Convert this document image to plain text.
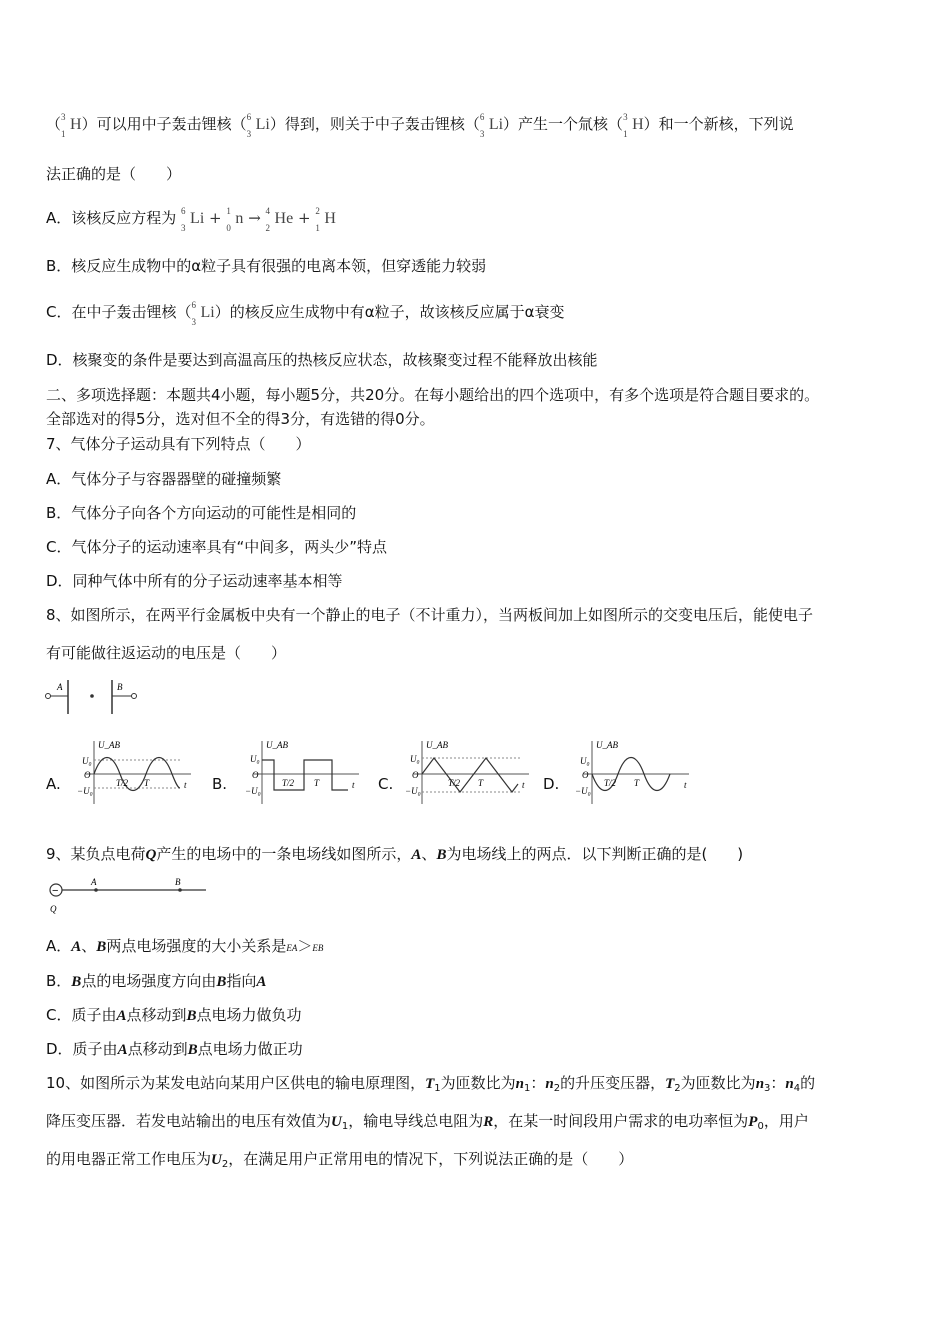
（ 3
1
H）可以用中子轰击锂核（ 6
3
Li）得到，则关于中子轰击锂核（ 6
3
Li）产生一个氚核（ 3
1
H）和一个新核，下列说
法正确的是（　　）
A．该核反应方程为 6
3
Li + 1
0
n → 4
2
He + 2
1
H
B．核反应生成物中的α粒子具有很强的电离本领，但穿透能力较弱
C．在中子轰击锂核（ 6
3
Li）的核反应生成物中有α粒子，故该核反应属于α衰变
D．核聚变的条件是要达到高温高压的热核反应状态，故核聚变过程不能释放出核能
二、多项选择题：本题共4小题，每小题5分，共20分。在每小题给出的四个选项中，有多个选项是符合题目要求的。
全部选对的得5分，选对但不全的得3分，有选错的得0分。
7、气体分子运动具有下列特点（　　）
A．气体分子与容器器壁的碰撞频繁
B．气体分子向各个方向运动的可能性是相同的
C．气体分子的运动速率具有“中间多，两头少”特点
D．同种气体中所有的分子运动速率基本相等
8、如图所示，在两平行金属板中央有一个静止的电子（不计重力），当两板间加上如图所示的交变电压后，能使电子
有可能做往返运动的电压是（　　）
A	B
A.	B.	C.	D.
U_AB
U₀
O
−U₀
T/2 T	t
U_AB
U₀
O
−U₀
T/2 T	t
U_AB
U₀
O
−U₀
T/2 T	t
U_AB
U₀
O
−U₀
T/2 T	t
9、某负点电荷Q产生的电场中的一条电场线如图所示，A、B为电场线上的两点．以下判断正确的是(　　)
−
A	B
Q
A．A、B两点电场强度的大小关系是EA＞EB
B．B点的电场强度方向由B指向A
C．质子由A点移动到B点电场力做负功
D．质子由A点移动到B点电场力做正功
10、如图所示为某发电站向某用户区供电的输电原理图，$T_1$为匝数比为$n_1$：$n_2$的升压变压器，$T_2$为匝数比为$n_3$：$n_4$的
降压变压器．若发电站输出的电压有效值为$U_1$，输电导线总电阻为R，在某一时间段用户需求的电功率恒为$P_0$，用户
的用电器正常工作电压为$U_2$，在满足用户正常用电的情况下，下列说法正确的是（　　）
